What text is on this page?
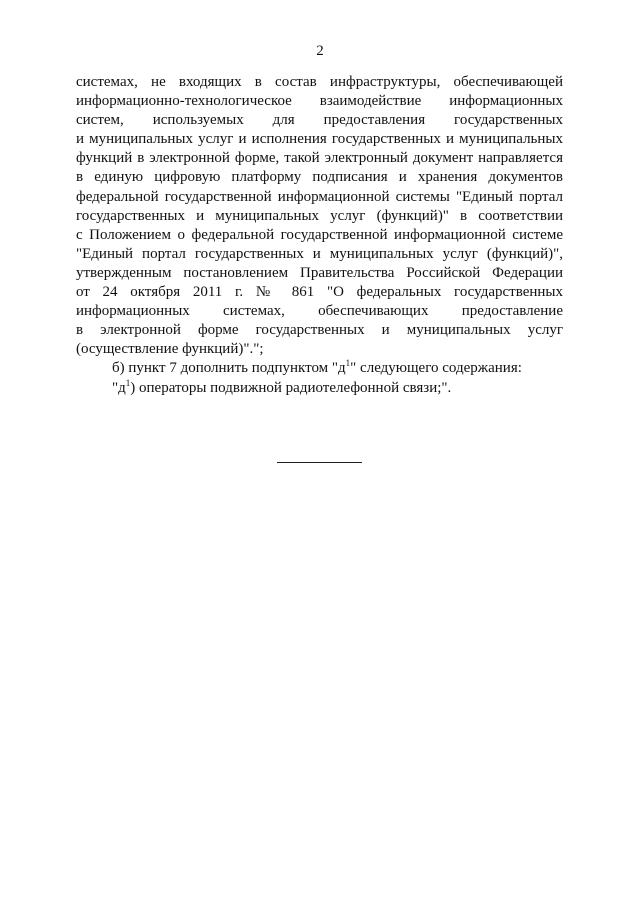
2

системах, не входящих в состав инфраструктуры, обеспечивающей
информационно-технологическое взаимодействие информационных
систем, используемых для предоставления государственных
и муниципальных услуг и исполнения государственных и муниципальных
функций в электронной форме, такой электронный документ направляется
в единую цифровую платформу подписания и хранения документов
федеральной государственной информационной системы "Единый портал
государственных и муниципальных услуг (функций)" в соответствии
с Положением о федеральной государственной информационной системе
"Единый портал государственных и муниципальных услуг (функций)",
утвержденным постановлением Правительства Российской Федерации
от 24 октября 2011 г. № 861 "О федеральных государственных
информационных системах, обеспечивающих предоставление
в электронной форме государственных и муниципальных услуг
(осуществление функций)".";

б) пункт 7 дополнить подпунктом "$д^1$" следующего содержания:

"$д^1$) операторы подвижной радиотелефонной связи;".
